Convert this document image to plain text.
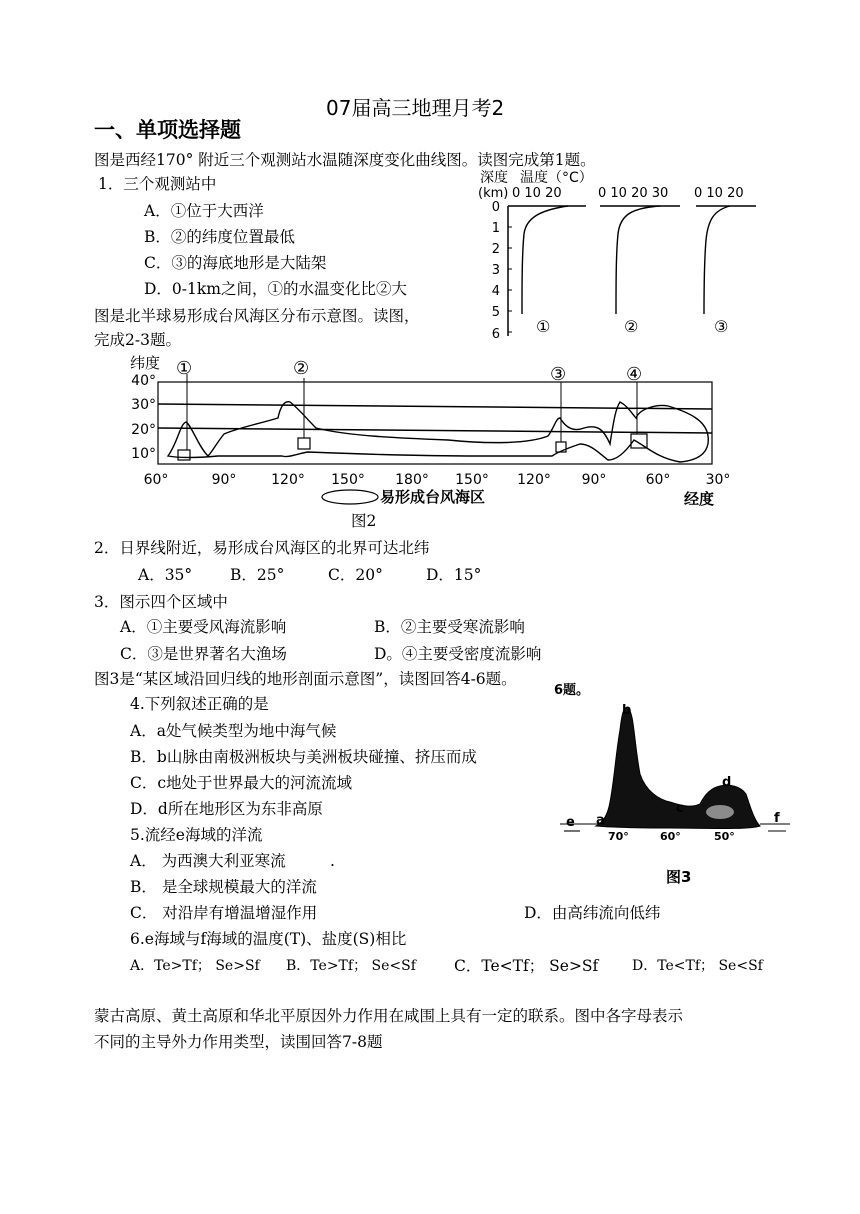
07届高三地理月考2
一、单项选择题
图是西经170° 附近三个观测站水温随深度变化曲线图。读图完成第1题。
1．三个观测站中
A．①位于大西洋
B．②的纬度位置最低
C．③的海底地形是大陆架
D．0-1km之间，①的水温变化比②大
图是北半球易形成台风海区分布示意图。读图，
完成2-3题。
深度 温度（°C）
(km) 0 10 20	0 10 20 30 0 10 20
0
1
2
3
4
5
6 ①	②	③
纬度
40°
30°
20°
10°
①	②	③	④
60°	90° 120° 150° 180° 150° 120° 90°	60°	30°
易形成台风海区	经度
图2
2．日界线附近，易形成台风海区的北界可达北纬
A．35° B．25°	C．20°	D．15°
3．图示四个区域中
A．①主要受风海流影响	B．②主要受寒流影响
C．③是世界著名大渔场	D。④主要受密度流影响
图3是“某区域沿回归线的地形剖面示意图”，读图回答4-6题。
4.下列叙述正确的是
A．a处气候类型为地中海气候
B．b山脉由南极洲板块与美洲板块碰撞、挤压而成
C．c地处于世界最大的河流流域
D．d所在地形区为东非高原
5.流经e海域的洋流
A． 为西澳大利亚寒流	.
B． 是全球规模最大的洋流
C． 对沿岸有增温增湿作用	D．由高纬流向低纬
6.e海域与f海域的温度(T)、盐度(S)相比
A．Te>Tf； Se>Sf B．Te>Tf； Se<Sf C．Te<Tf； Se>Sf D．Te<Tf； Se<Sf
蒙古高原、黄土高原和华北平原因外力作用在咸围上具有一定的联系。图中各字母表示
不同的主导外力作用类型，读围回答7-8题
6题。
b
e a
c
d
f
70°	60°	50°
图3
